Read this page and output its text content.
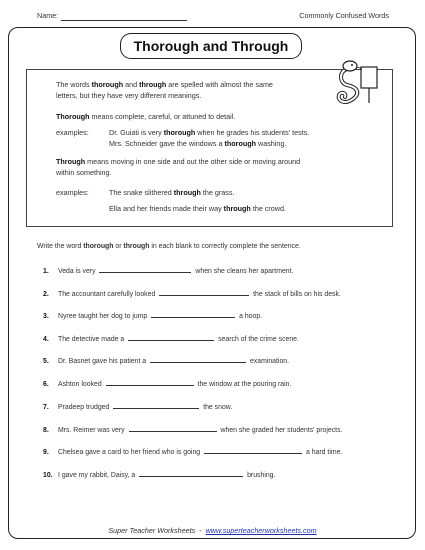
Name:	Commonly Confused Words
Thorough and Through
The words thorough and through are spelled with almost the same
letters, but they have very different meanings.
Thorough means complete, careful, or attuned to detail.
examples:	Dr. Guiati is very thorough when he grades his students' tests.
Mrs. Schneider gave the windows a thorough washing.
Through means moving in one side and out the other side or moving around
within something.
examples:	The snake slithered through the grass.
Ella and her friends made their way through the crowd.
Write the word thorough or through in each blank to correctly complete the sentence.
1. Veda is very	when she cleans her apartment.
2. The accountant carefully looked	the stack of bills on his desk.
3. Nyree taught her dog to jump	a hoop.
4. The detective made a	search of the crime scene.
5. Dr. Basnet gave his patient a	examination.
6. Ashton looked	the window at the pouring rain.
7. Pradeep trudged	the snow.
8. Mrs. Reimer was very	when she graded her students' projects.
9. Chelsea gave a card to her friend who is going	a hard time.
10. I gave my rabbit, Daisy, a	brushing.
Super Teacher Worksheets  -  www.superteacherworksheets.com
